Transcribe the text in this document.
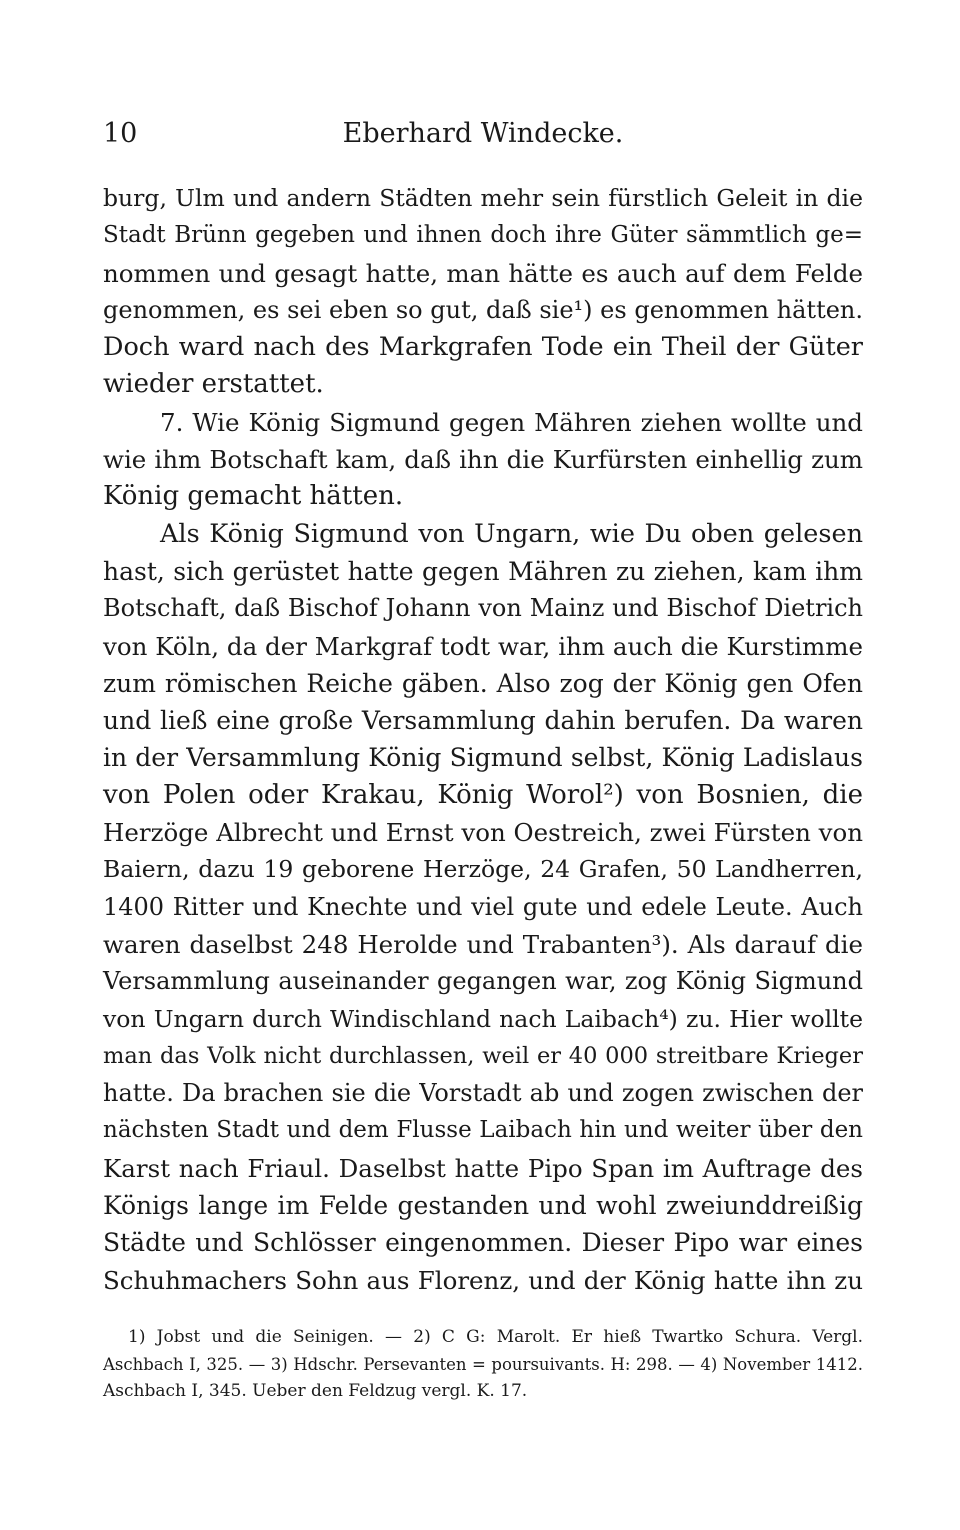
10	Eberhard Windecke.
burg, Ulm und andern Städten mehr sein fürstlich Geleit in die
Stadt Brünn gegeben und ihnen doch ihre Güter sämmtlich ge=
nommen und gesagt hatte, man hätte es auch auf dem Felde
genommen, es sei eben so gut, daß sie¹) es genommen hätten.
Doch ward nach des Markgrafen Tode ein Theil der Güter
wieder erstattet.
7. Wie König Sigmund gegen Mähren ziehen wollte und
wie ihm Botschaft kam, daß ihn die Kurfürsten einhellig zum
König gemacht hätten.
Als König Sigmund von Ungarn, wie Du oben gelesen
hast, sich gerüstet hatte gegen Mähren zu ziehen, kam ihm
Botschaft, daß Bischof Johann von Mainz und Bischof Dietrich
von Köln, da der Markgraf todt war, ihm auch die Kurstimme
zum römischen Reiche gäben. Also zog der König gen Ofen
und ließ eine große Versammlung dahin berufen. Da waren
in der Versammlung König Sigmund selbst, König Ladislaus
von Polen oder Krakau, König Worol²) von Bosnien, die
Herzöge Albrecht und Ernst von Oestreich, zwei Fürsten von
Baiern, dazu 19 geborene Herzöge, 24 Grafen, 50 Landherren,
1400 Ritter und Knechte und viel gute und edele Leute. Auch
waren daselbst 248 Herolde und Trabanten³). Als darauf die
Versammlung auseinander gegangen war, zog König Sigmund
von Ungarn durch Windischland nach Laibach⁴) zu. Hier wollte
man das Volk nicht durchlassen, weil er 40 000 streitbare Krieger
hatte. Da brachen sie die Vorstadt ab und zogen zwischen der
nächsten Stadt und dem Flusse Laibach hin und weiter über den
Karst nach Friaul. Daselbst hatte Pipo Span im Auftrage des
Königs lange im Felde gestanden und wohl zweiunddreißig
Städte und Schlösser eingenommen. Dieser Pipo war eines
Schuhmachers Sohn aus Florenz, und der König hatte ihn zu
1) Jobst und die Seinigen. — 2) C G: Marolt. Er hieß Twartko Schura. Vergl.
Aschbach I, 325. — 3) Hdschr. Persevanten = poursuivants. H: 298. — 4) November 1412.
Aschbach I, 345. Ueber den Feldzug vergl. K. 17.
